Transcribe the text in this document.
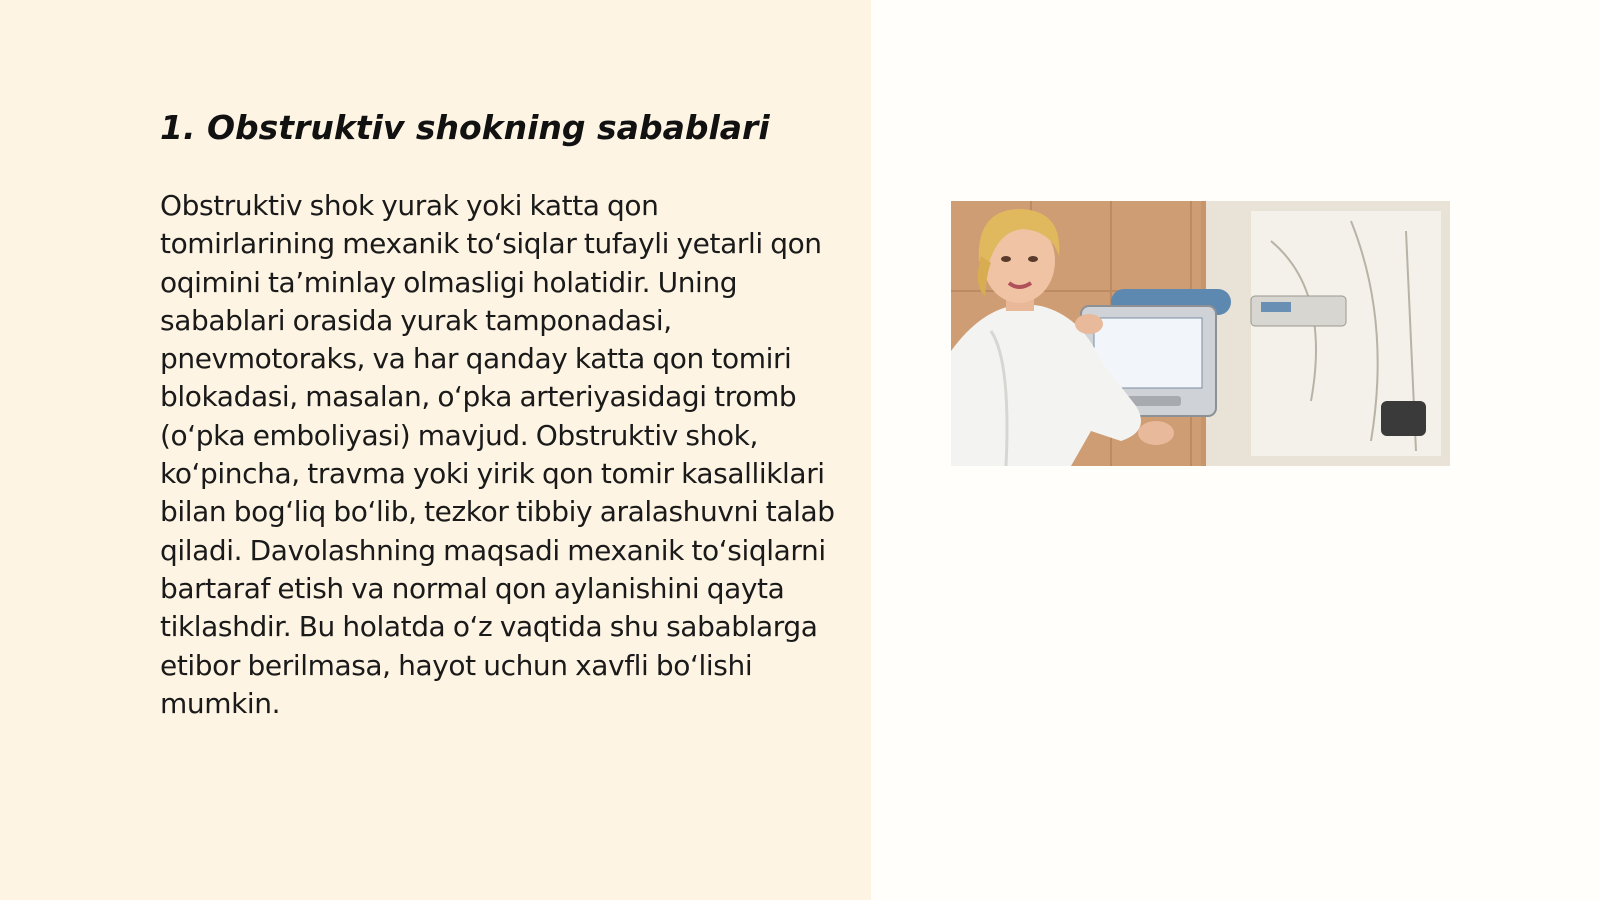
1. Obstruktiv shokning sabablari

Obstruktiv shok yurak yoki katta qon tomirlarining mexanik to‘siqlar tufayli yetarli qon oqimini ta’minlay olmasligi holatidir. Uning sabablari orasida yurak tamponadasi, pnevmotoraks, va har qanday katta qon tomiri blokadasi, masalan, o‘pka arteriyasidagi tromb (o‘pka emboliyasi) mavjud. Obstruktiv shok, ko‘pincha, travma yoki yirik qon tomir kasalliklari bilan bog‘liq bo‘lib, tezkor tibbiy aralashuvni talab qiladi. Davolashning maqsadi mexanik to‘siqlarni bartaraf etish va normal qon aylanishini qayta tiklashdir. Bu holatda o‘z vaqtida shu sabablarga etibor berilmasa, hayot uchun xavfli bo‘lishi mumkin.
